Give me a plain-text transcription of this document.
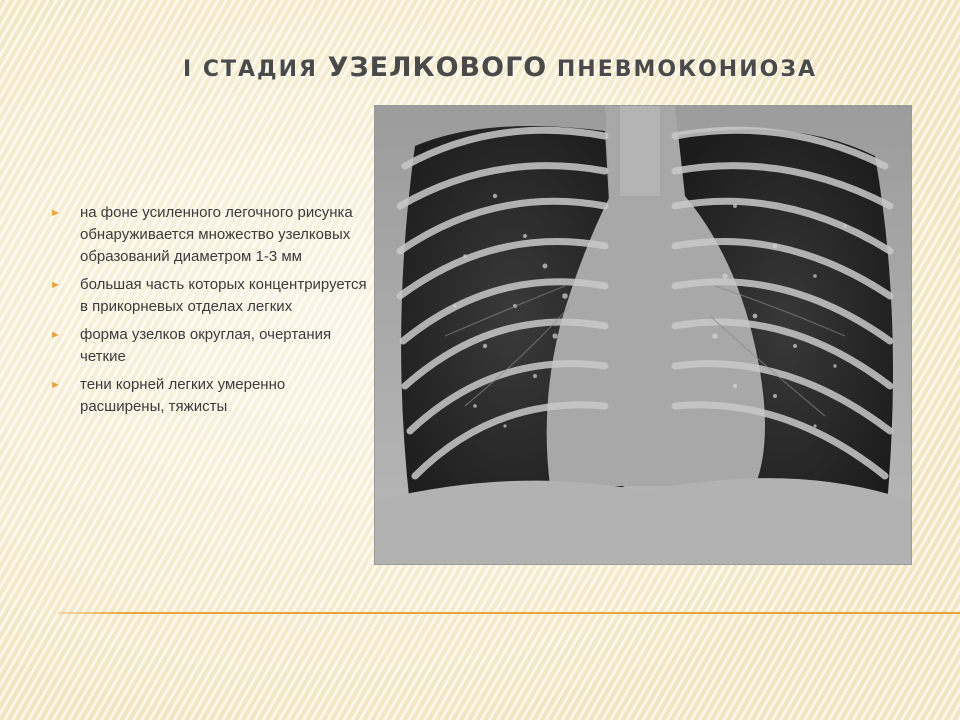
I СТАДИЯ УЗЕЛКОВОГО ПНЕВМОКОНИОЗА
► на фоне усиленного легочного рисунка обнаруживается множество узелковых образований диаметром 1-3 мм
► большая часть которых концентрируется в прикорневых отделах легких
► форма узелков округлая, очертания четкие
► тени корней легких умеренно расширены, тяжисты
